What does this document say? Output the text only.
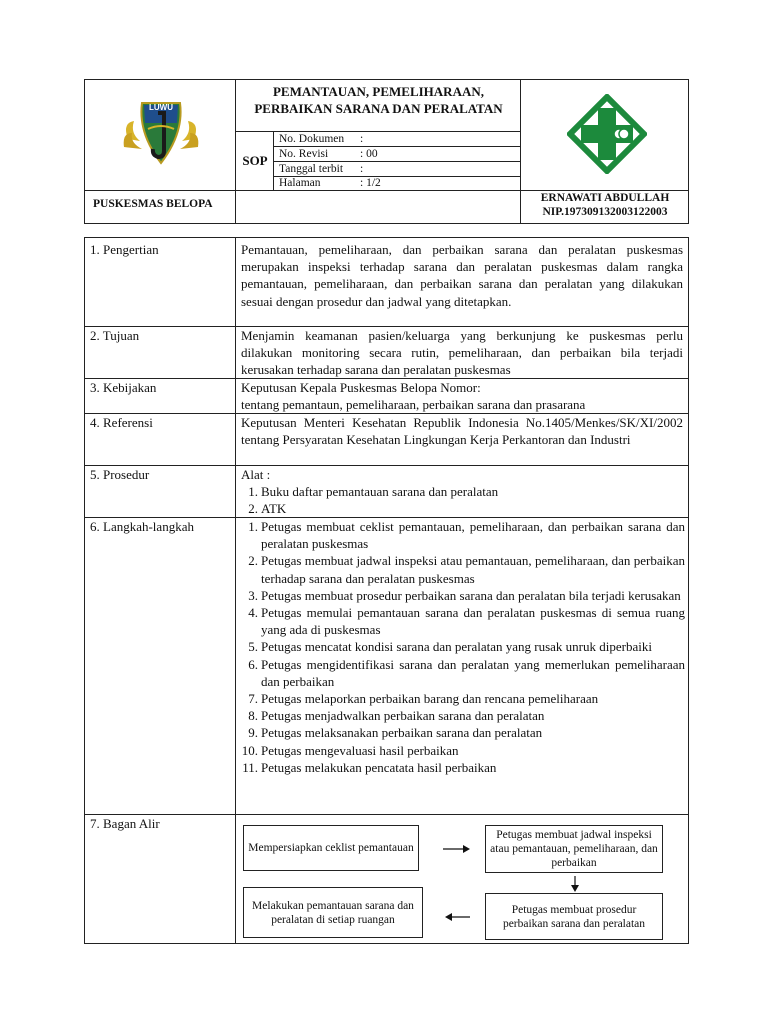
LUWU
PEMANTAUAN, PEMELIHARAAN, PERBAIKAN SARANA DAN PERALATAN
SOP
No. Dokumen :
No. Revisi	: 00
Tanggal terbit :
Halaman	: 1/2
PUSKESMAS BELOPA	ERNAWATI ABDULLAH
NIP.197309132003122003
1. Pengertian	Pemantauan, pemeliharaan, dan perbaikan sarana dan peralatan puskesmas merupakan inspeksi terhadap sarana dan peralatan puskesmas dalam rangka pemantauan, pemeliharaan, dan perbaikan sarana dan peralatan yang dilakukan sesuai dengan prosedur dan jadwal yang ditetapkan.
2. Tujuan	Menjamin keamanan pasien/keluarga yang berkunjung ke puskesmas perlu dilakukan monitoring secara rutin, pemeliharaan, dan perbaikan bila terjadi kerusakan terhadap sarana dan peralatan puskesmas
3. Kebijakan	Keputusan Kepala Puskesmas Belopa Nomor:
tentang pemantaun, pemeliharaan, perbaikan sarana dan prasarana
4. Referensi	Keputusan Menteri Kesehatan Republik Indonesia No.1405/Menkes/SK/XI/2002 tentang Persyaratan Kesehatan Lingkungan Kerja Perkantoran dan Industri
5. Prosedur	Alat :
1. Buku daftar pemantauan sarana dan peralatan
2. ATK
6. Langkah-langkah	1. Petugas membuat ceklist pemantauan, pemeliharaan, dan perbaikan sarana dan peralatan puskesmas
2. Petugas membuat jadwal inspeksi atau pemantauan, pemeliharaan, dan perbaikan terhadap sarana dan peralatan puskesmas
3. Petugas membuat prosedur perbaikan sarana dan peralatan bila terjadi kerusakan
4. Petugas memulai pemantauan sarana dan peralatan puskesmas di semua ruang yang ada di puskesmas
5. Petugas mencatat kondisi sarana dan peralatan yang rusak unruk diperbaiki
6. Petugas mengidentifikasi sarana dan peralatan yang memerlukan pemeliharaan dan perbaikan
7. Petugas melaporkan perbaikan barang dan rencana pemeliharaan
8. Petugas menjadwalkan perbaikan sarana dan peralatan
9. Petugas melaksanakan perbaikan sarana dan peralatan
10. Petugas mengevaluasi hasil perbaikan
11. Petugas melakukan pencatata hasil perbaikan
7. Bagan Alir
Mempersiapkan ceklist pemantauan
Petugas membuat jadwal inspeksi atau pemantauan, pemeliharaan, dan perbaikan
Melakukan pemantauan sarana dan peralatan di setiap ruangan
Petugas membuat prosedur perbaikan sarana dan peralatan
